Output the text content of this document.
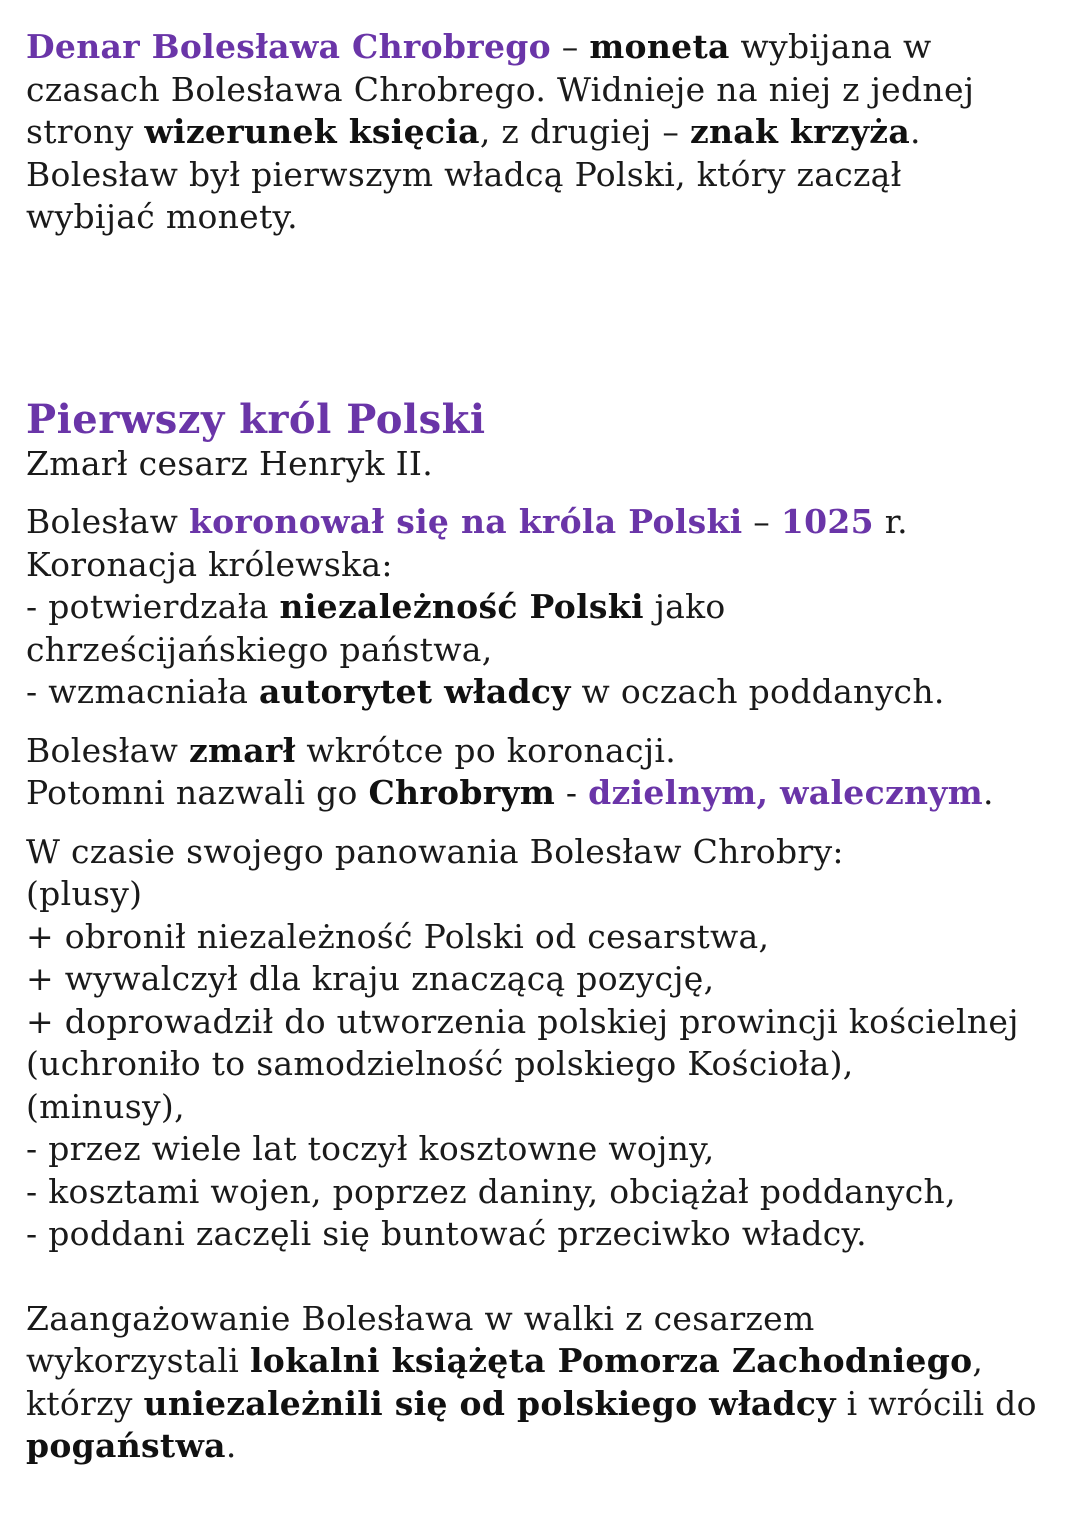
Denar Bolesława Chrobrego – moneta wybijana w
czasach Bolesława Chrobrego. Widnieje na niej z jednej
strony wizerunek księcia, z drugiej – znak krzyża.
Bolesław był pierwszym władcą Polski, który zaczął
wybijać monety.

Pierwszy król Polski

Zmarł cesarz Henryk II.

Bolesław koronował się na króla Polski – 1025 r.
Koronacja królewska:
- potwierdzała niezależność Polski jako
chrześcijańskiego państwa,
- wzmacniała autorytet władcy w oczach poddanych.

Bolesław zmarł wkrótce po koronacji.
Potomni nazwali go Chrobrym - dzielnym, walecznym.

W czasie swojego panowania Bolesław Chrobry:
(plusy)
+ obronił niezależność Polski od cesarstwa,
+ wywalczył dla kraju znaczącą pozycję,
+ doprowadził do utworzenia polskiej prowincji kościelnej
(uchroniło to samodzielność polskiego Kościoła),
(minusy),
- przez wiele lat toczył kosztowne wojny,
- kosztami wojen, poprzez daniny, obciążał poddanych,
- poddani zaczęli się buntować przeciwko władcy.

Zaangażowanie Bolesława w walki z cesarzem
wykorzystali lokalni książęta Pomorza Zachodniego,
którzy uniezależnili się od polskiego władcy i wrócili do
pogaństwa.
